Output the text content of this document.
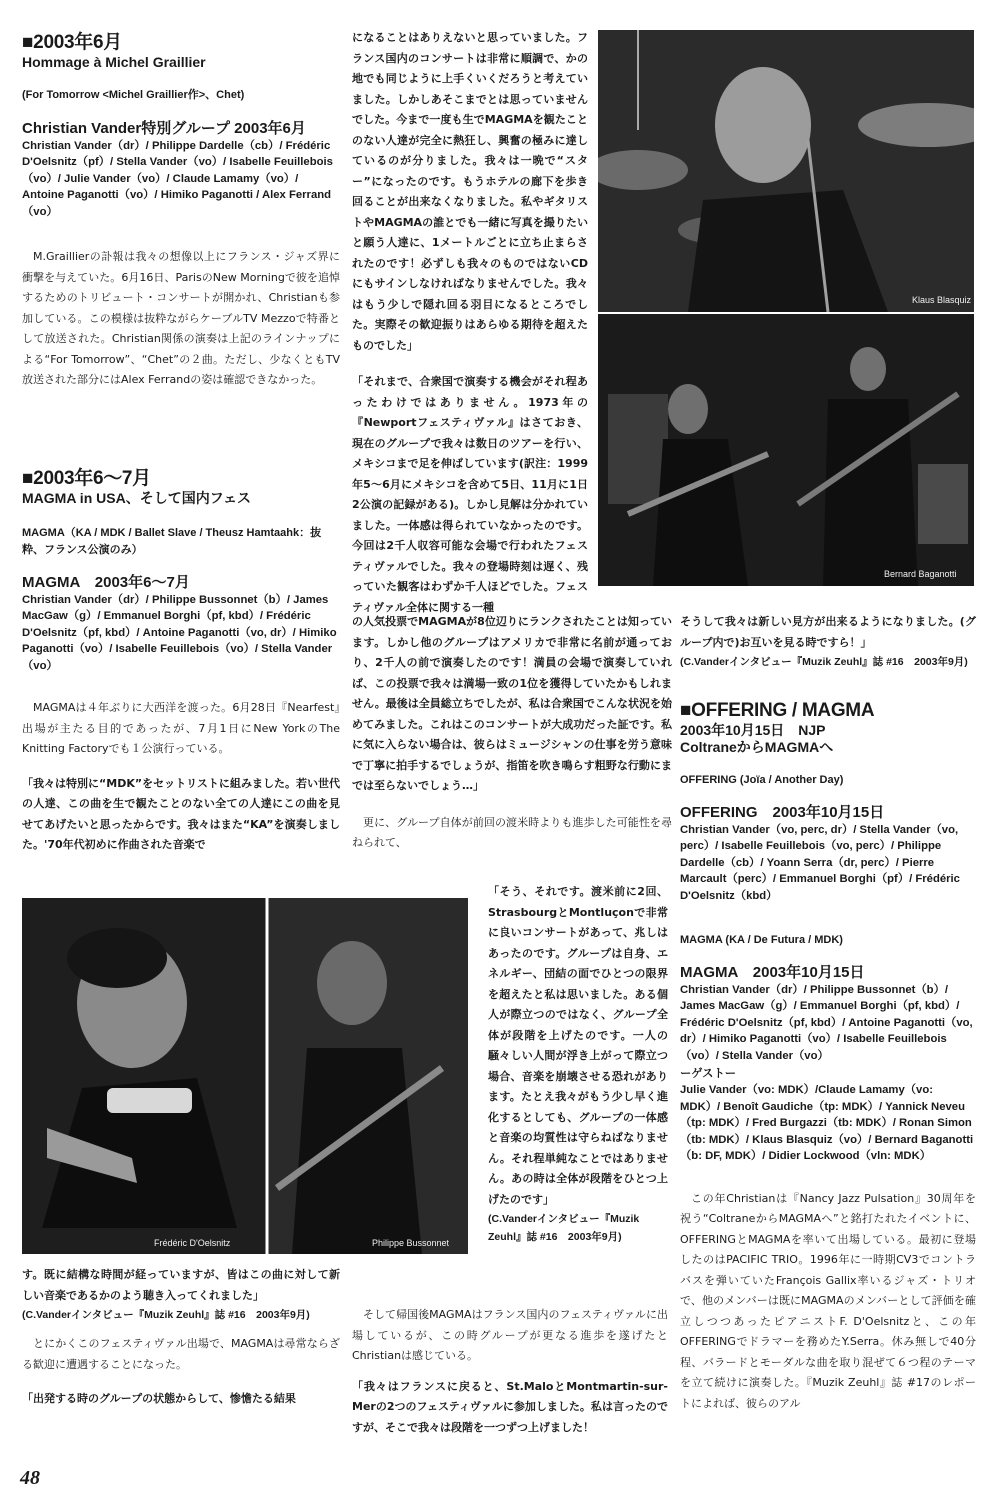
■2003年6月
Hommage à Michel Graillier
(For Tomorrow <Michel Graillier作>、Chet)
Christian Vander特別グループ 2003年6月
Christian Vander（dr）/ Philippe Dardelle（cb）/ Frédéric D'Oelsnitz（pf）/ Stella Vander（vo）/ Isabelle Feuillebois（vo）/ Julie Vander（vo）/ Claude Lamamy（vo）/ Antoine Paganotti（vo）/ Himiko Paganotti / Alex Ferrand（vo）

M.Graillierの訃報は我々の想像以上にフランス・ジャズ界に衝撃を与えていた。6月16日、ParisのNew Morningで彼を追悼するためのトリビュート・コンサートが開かれ、Christianも参加している。この模様は抜粋ながらケーブルTV Mezzoで特番として放送された。Christian関係の演奏は上記のラインナップによる“For Tomorrow”、“Chet”の２曲。ただし、少なくともTV放送された部分にはAlex Ferrandの姿は確認できなかった。

■2003年6〜7月
MAGMA in USA、そして国内フェス
MAGMA（KA / MDK / Ballet Slave / Theusz Hamtaahk：抜粋、フランス公演のみ）
MAGMA　2003年6〜7月
Christian Vander（dr）/ Philippe Bussonnet（b）/ James MacGaw（g）/ Emmanuel Borghi（pf, kbd）/ Frédéric D'Oelsnitz（pf, kbd）/ Antoine Paganotti（vo, dr）/ Himiko Paganotti（vo）/ Isabelle Feuillebois（vo）/ Stella Vander（vo）

MAGMAは４年ぶりに大西洋を渡った。6月28日『Nearfest』出場が主たる目的であったが、7月1日にNew YorkのThe Knitting Factoryでも１公演行っている。

「我々は特別に“MDK”をセットリストに組みました。若い世代の人達、この曲を生で観たことのない全ての人達にこの曲を見せてあげたいと思ったからです。我々はまた“KA”を演奏しました。'70年代初めに作曲された音楽で

Frédéric D'Oelsnitz	Philippe Bussonnet

す。既に結構な時間が経っていますが、皆はこの曲に対して新しい音楽であるかのよう聴き入ってくれました」

(C.Vanderインタビュー『Muzik Zeuhl』誌 #16　2003年9月)

とにかくこのフェスティヴァル出場で、MAGMAは尋常ならざる歓迎に遭遇することになった。

「出発する時のグループの状態からして、惨憺たる結果

になることはありえないと思っていました。フランス国内のコンサートは非常に順調で、かの地でも同じように上手くいくだろうと考えていました。しかしあそこまでとは思っていませんでした。今まで一度も生でMAGMAを観たことのない人達が完全に熱狂し、興奮の極みに達しているのが分りました。我々は一晩で“スター”になったのです。もうホテルの廊下を歩き回ることが出来なくなりました。私やギタリストやMAGMAの誰とでも一緒に写真を撮りたいと願う人達に、1メートルごとに立ち止まらされたのです！必ずしも我々のものではないCDにもサインしなければなりませんでした。我々はもう少しで隠れ回る羽目になるところでした。実際その歓迎振りはあらゆる期待を超えたものでした」

「それまで、合衆国で演奏する機会がそれ程あったわけではありません。1973年の『Newportフェスティヴァル』はさておき、現在のグループで我々は数日のツアーを行い、メキシコまで足を伸ばしています(訳注：1999年5〜6月にメキシコを含めて5日、11月に1日2公演の記録がある)。しかし見解は分かれていました。一体感は得られていなかったのです。今回は2千人収容可能な会場で行われたフェスティヴァルでした。我々の登場時刻は遅く、残っていた観客はわずか千人ほどでした。フェスティヴァル全体に関する一種

の人気投票でMAGMAが8位辺りにランクされたことは知っています。しかし他のグループはアメリカで非常に名前が通っており、2千人の前で演奏したのです！満員の会場で演奏していれば、この投票で我々は満場一致の1位を獲得していたかもしれません。最後は全員総立ちでしたが、私は合衆国でこんな状況を始めてみました。これはこのコンサートが大成功だった証です。私に気に入らない場合は、彼らはミュージシャンの仕事を労う意味で丁寧に拍手するでしょうが、指笛を吹き鳴らす粗野な行動にまでは至らないでしょう…」

更に、グループ自体が前回の渡米時よりも進歩した可能性を尋ねられて、

「そう、それです。渡米前に2回、StrasbourgとMontluçonで非常に良いコンサートがあって、兆しはあったのです。グループは自身、エネルギー、団結の面でひとつの限界を超えたと私は思いました。ある個人が際立つのではなく、グループ全体が段階を上げたのです。一人の騒々しい人間が浮き上がって際立つ場合、音楽を崩壊させる恐れがあります。たとえ我々がもう少し早く進化するとしても、グループの一体感と音楽の均質性は守らねばなりません。それ程単純なことではありません。あの時は全体が段階をひとつ上げたのです」

(C.Vanderインタビュー『Muzik Zeuhl』誌 #16　2003年9月)

そして帰国後MAGMAはフランス国内のフェスティヴァルに出場しているが、この時グループが更なる進歩を遂げたとChristianは感じている。

「我々はフランスに戻ると、St.MaloとMontmartin-sur-Merの2つのフェスティヴァルに参加しました。私は言ったのですが、そこで我々は段階を一つずつ上げました！

Klaus Blasquiz
Bernard Baganotti

そうして我々は新しい見方が出来るようになりました。(グループ内で)お互いを見る時ですら！」

(C.Vanderインタビュー『Muzik Zeuhl』誌 #16　2003年9月)
■OFFERING / MAGMA
2003年10月15日　NJP
ColtraneからMAGMAへ
OFFERING (Joïa / Another Day)
OFFERING　2003年10月15日
Christian Vander（vo, perc, dr）/ Stella Vander（vo, perc）/ Isabelle Feuillebois（vo, perc）/ Philippe Dardelle（cb）/ Yoann Serra（dr, perc）/ Pierre Marcault（perc）/ Emmanuel Borghi（pf）/ Frédéric D'Oelsnitz（kbd）
MAGMA (KA / De Futura / MDK)
MAGMA　2003年10月15日
Christian Vander（dr）/ Philippe Bussonnet（b）/ James MacGaw（g）/ Emmanuel Borghi（pf, kbd）/ Frédéric D'Oelsnitz（pf, kbd）/ Antoine Paganotti（vo, dr）/ Himiko Paganotti（vo）/ Isabelle Feuillebois（vo）/ Stella Vander（vo）
ーゲストー
Julie Vander（vo: MDK）/Claude Lamamy（vo: MDK）/ Benoît Gaudiche（tp: MDK）/ Yannick Neveu（tp: MDK）/ Fred Burgazzi（tb: MDK）/ Ronan Simon（tb: MDK）/ Klaus Blasquiz（vo）/ Bernard Baganotti（b: DF, MDK）/ Didier Lockwood（vln: MDK）

この年Christianは『Nancy Jazz Pulsation』30周年を祝う“ColtraneからMAGMAへ”と銘打たれたイベントに、OFFERINGとMAGMAを率いて出場している。最初に登場したのはPACIFIC TRIO。1996年に一時期CV3でコントラバスを弾いていたFrançois Gallix率いるジャズ・トリオで、他のメンバーは既にMAGMAのメンバーとして評価を確立しつつあったピアニストF. D'Oelsnitzと、この年OFFERINGでドラマーを務めたY.Serra。休み無しで40分程、バラードとモーダルな曲を取り混ぜて６つ程のテーマを立て続けに演奏した。『Muzik Zeuhl』誌 #17のレポートによれば、彼らのアル

48
